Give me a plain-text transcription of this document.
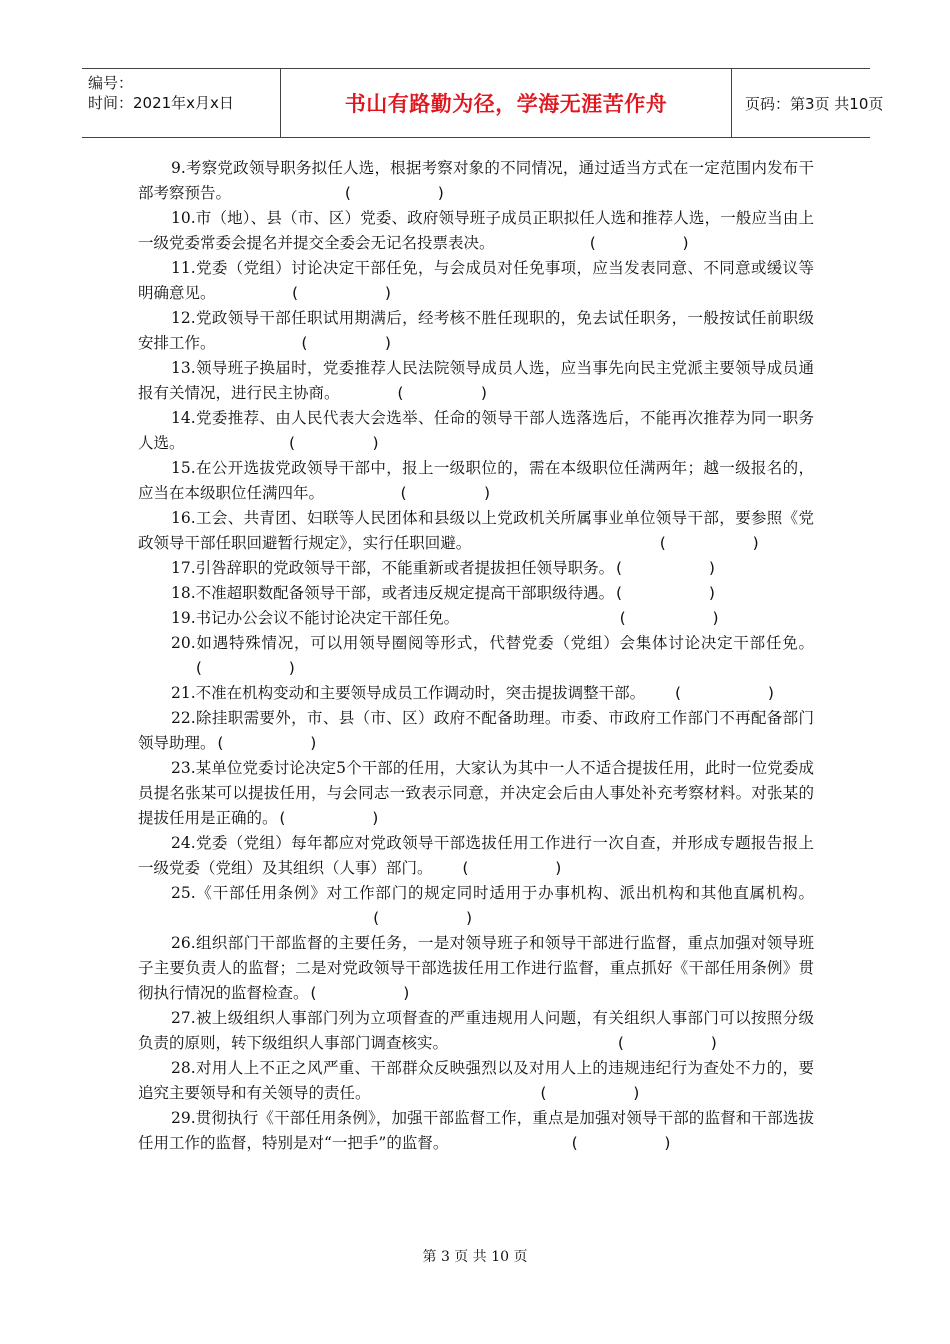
编号：
时间：2021年x月x日	书山有路勤为径，学海无涯苦作舟	页码：第3页 共10页

9.考察党政领导职务拟任人选，根据考察对象的不同情况，通过适当方式在一定范围内发布干部考察预告。	(         )

10.市（地）、县（市、区）党委、政府领导班子成员正职拟任人选和推荐人选，一般应当由上一级党委常委会提名并提交全委会无记名投票表决。	(         )

11.党委（党组）讨论决定干部任免，与会成员对任免事项，应当发表同意、不同意或缓议等明确意见。	(         )

12.党政领导干部任职试用期满后，经考核不胜任现职的，免去试任职务，一般按试任前职级安排工作。	(        )

13.领导班子换届时，党委推荐人民法院领导成员人选，应当事先向民主党派主要领导成员通报有关情况，进行民主协商。	(        )

14.党委推荐、由人民代表大会选举、任命的领导干部人选落选后，不能再次推荐为同一职务人选。	(        )

15.在公开选拔党政领导干部中，报上一级职位的，需在本级职位任满两年；越一级报名的，应当在本级职位任满四年。	(        )

16.工会、共青团、妇联等人民团体和县级以上党政机关所属事业单位领导干部，要参照《党政领导干部任职回避暂行规定》，实行任职回避。	(         )

17.引咎辞职的党政领导干部，不能重新或者提拔担任领导职务。(         )

18.不准超职数配备领导干部，或者违反规定提高干部职级待遇。(         )

19.书记办公会议不能讨论决定干部任免。	(         )

20.如遇特殊情况，可以用领导圈阅等形式，代替党委（党组）会集体讨论决定干部任免。      (         )

21.不准在机构变动和主要领导成员工作调动时，突击提拔调整干部。 (         )

22.除挂职需要外，市、县（市、区）政府不配备助理。市委、市政府工作部门不再配备部门领导助理。(         )

23.某单位党委讨论决定5个干部的任用，大家认为其中一人不适合提拔任用，此时一位党委成员提名张某可以提拔任用，与会同志一致表示同意，并决定会后由人事处补充考察材料。对张某的提拔任用是正确的。(         )

24.党委（党组）每年都应对党政领导干部选拔任用工作进行一次自查，并形成专题报告报上一级党委（党组）及其组织（人事）部门。 (         )

25.《干部任用条例》对工作部门的规定同时适用于办事机构、派出机构和其他直属机构。                         (         )

26.组织部门干部监督的主要任务，一是对领导班子和领导干部进行监督，重点加强对领导班子主要负责人的监督；二是对党政领导干部选拔任用工作进行监督，重点抓好《干部任用条例》贯彻执行情况的监督检查。(         )

27.被上级组织人事部门列为立项督查的严重违规用人问题，有关组织人事部门可以按照分级负责的原则，转下级组织人事部门调查核实。	(         )

28.对用人上不正之风严重、干部群众反映强烈以及对用人上的违规违纪行为查处不力的，要追究主要领导和有关领导的责任。	(         )

29.贯彻执行《干部任用条例》，加强干部监督工作，重点是加强对领导干部的监督和干部选拔任用工作的监督，特别是对“一把手”的监督。	(         )

第 3 页 共 10 页
